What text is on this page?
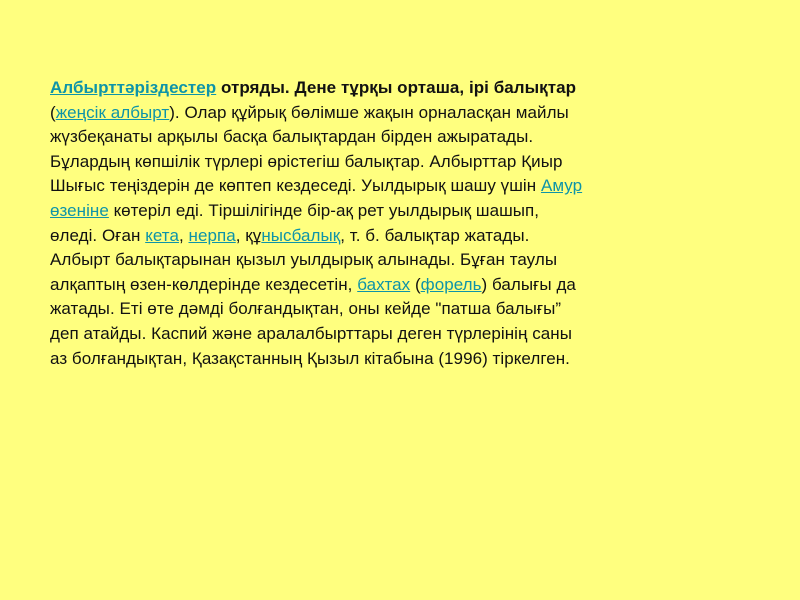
Албырттәріздестер отряды. Дене тұрқы орташа, ірі балықтар
(жеңсік албырт). Олар құйрық бөлімше жақын орналасқан майлы
жүзбеқанаты арқылы басқа балықтардан бірден ажыратады.
Бұлардың көпшілік түрлері өрістегіш балықтар. Албырттар Қиыр
Шығыс теңіздерін де көптеп кездеседі. Уылдырық шашу үшін Амур
өзеніне көтеріл еді. Тіршілігінде бір-ақ рет уылдырық шашып,
өледі. Оған кета, нерпа, құнысбалық, т. б. балықтар жатады.
Албырт балықтарынан қызыл уылдырық алынады. Бұған таулы
алқаптың өзен-көлдерінде кездесетін, бахтах (форель) балығы да
жатады. Еті өте дәмді болғандықтан, оны кейде "патша балығы”
деп атайды. Каспий және аралалбырттары деген түрлерінің саны
аз болғандықтан, Қазақстанның Қызыл кітабына (1996) тіркелген.
